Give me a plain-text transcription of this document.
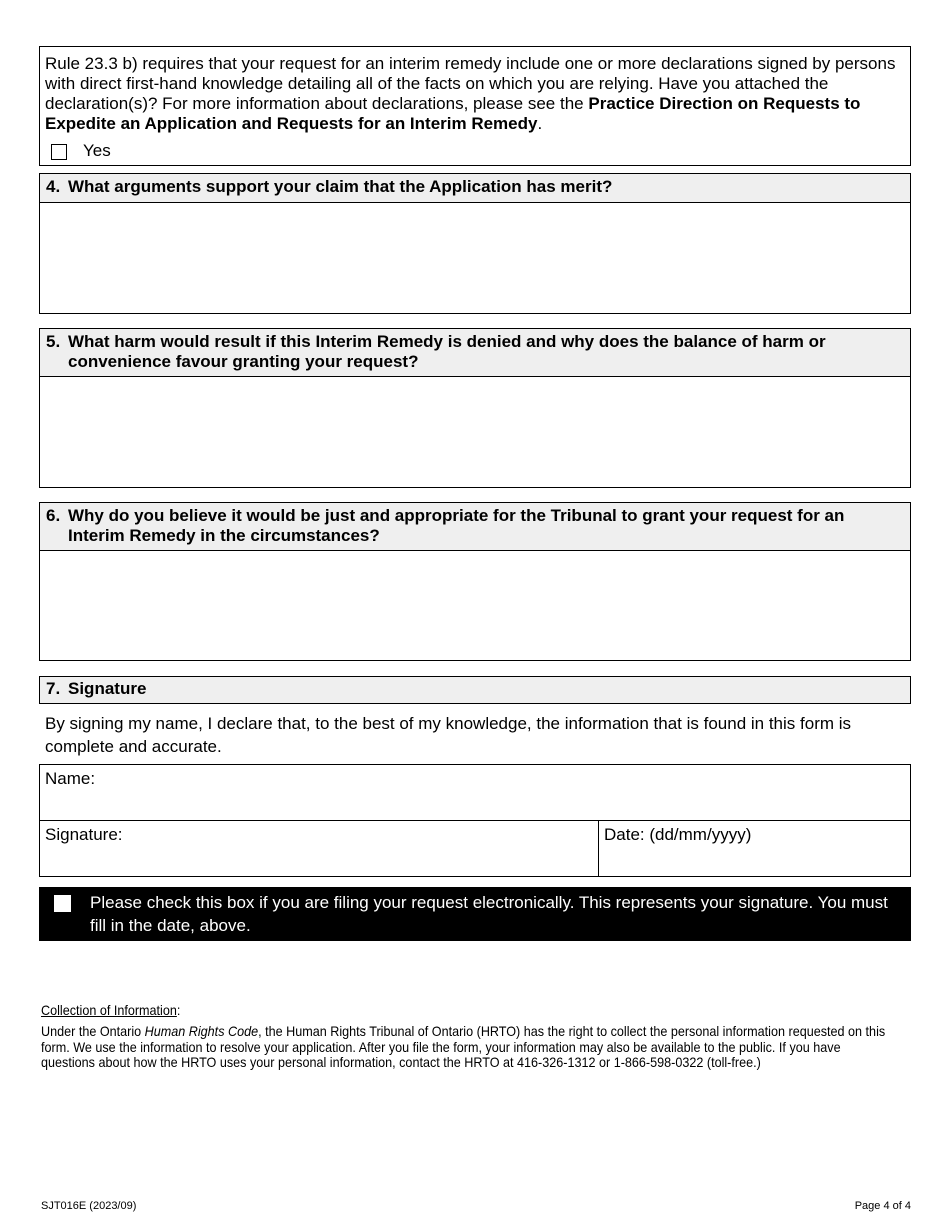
Rule 23.3 b) requires that your request for an interim remedy include one or more declarations signed by persons with direct first-hand knowledge detailing all of the facts on which you are relying. Have you attached the declaration(s)? For more information about declarations, please see the Practice Direction on Requests to Expedite an Application and Requests for an Interim Remedy.
Yes
4. What arguments support your claim that the Application has merit?
5. What harm would result if this Interim Remedy is denied and why does the balance of harm or convenience favour granting your request?
6. Why do you believe it would be just and appropriate for the Tribunal to grant your request for an Interim Remedy in the circumstances?
7. Signature
By signing my name, I declare that, to the best of my knowledge, the information that is found in this form is complete and accurate.
Name:
Signature:	Date: (dd/mm/yyyy)
Please check this box if you are filing your request electronically. This represents your signature. You must fill in the date, above.
Collection of Information:
Under the Ontario Human Rights Code, the Human Rights Tribunal of Ontario (HRTO) has the right to collect the personal information requested on this form. We use the information to resolve your application. After you file the form, your information may also be available to the public. If you have questions about how the HRTO uses your personal information, contact the HRTO at 416-326-1312 or 1-866-598-0322 (toll-free.)
SJT016E (2023/09)	Page 4 of 4
